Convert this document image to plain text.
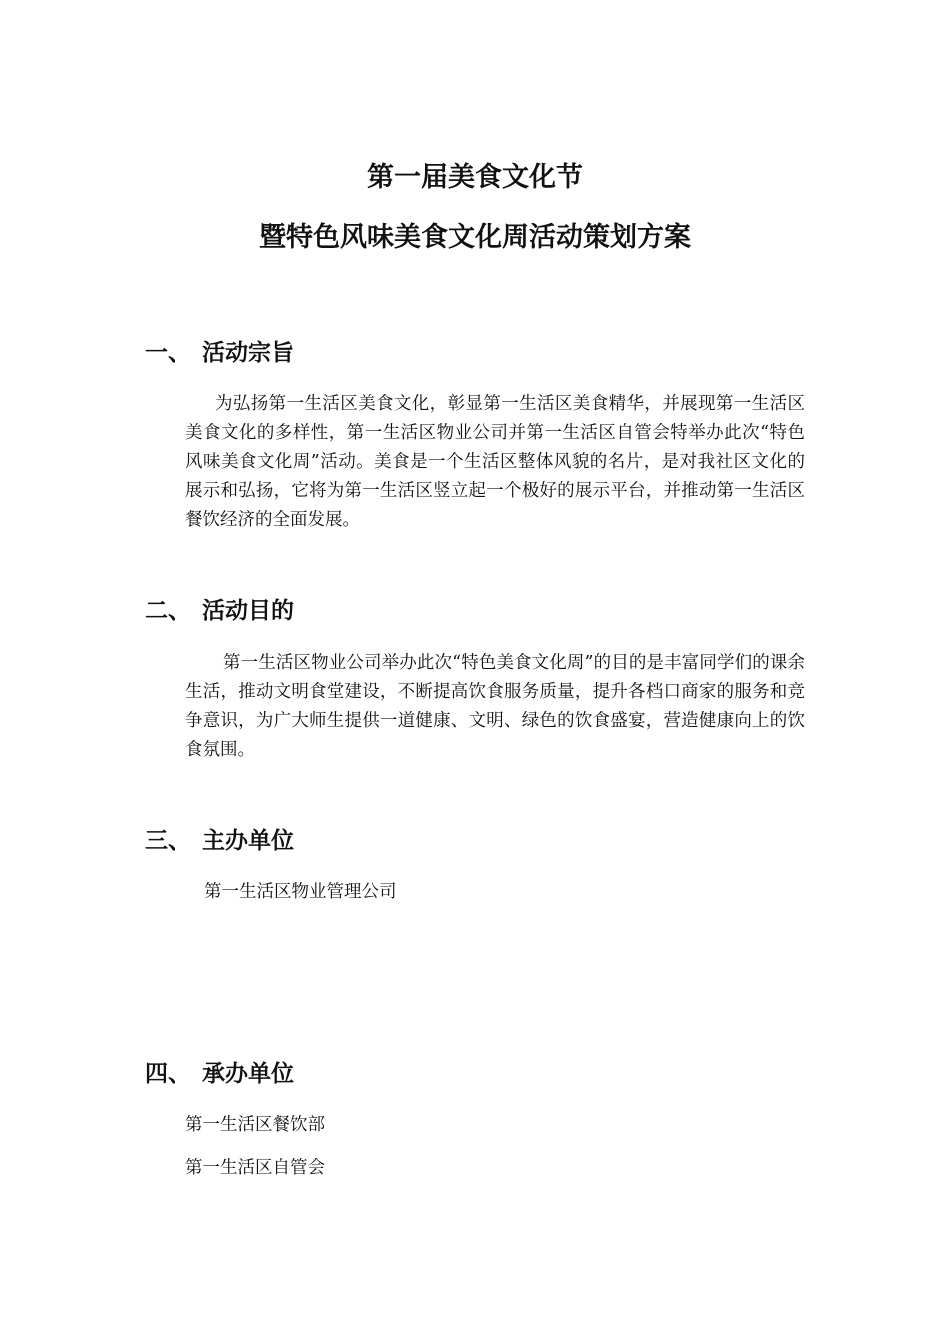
第一届美食文化节
暨特色风味美食文化周活动策划方案
一、 活动宗旨

为弘扬第一生活区美食文化，彰显第一生活区美食精华，并展现第一生活区美食文化的多样性，第一生活区物业公司并第一生活区自管会特举办此次“特色风味美食文化周”活动。美食是一个生活区整体风貌的名片，是对我社区文化的展示和弘扬，它将为第一生活区竖立起一个极好的展示平台，并推动第一生活区餐饮经济的全面发展。

二、 活动目的

第一生活区物业公司举办此次“特色美食文化周”的目的是丰富同学们的课余生活，推动文明食堂建设，不断提高饮食服务质量，提升各档口商家的服务和竞争意识，为广大师生提供一道健康、文明、绿色的饮食盛宴，营造健康向上的饮食氛围。

三、 主办单位

第一生活区物业管理公司

四、 承办单位

第一生活区餐饮部

第一生活区自管会
